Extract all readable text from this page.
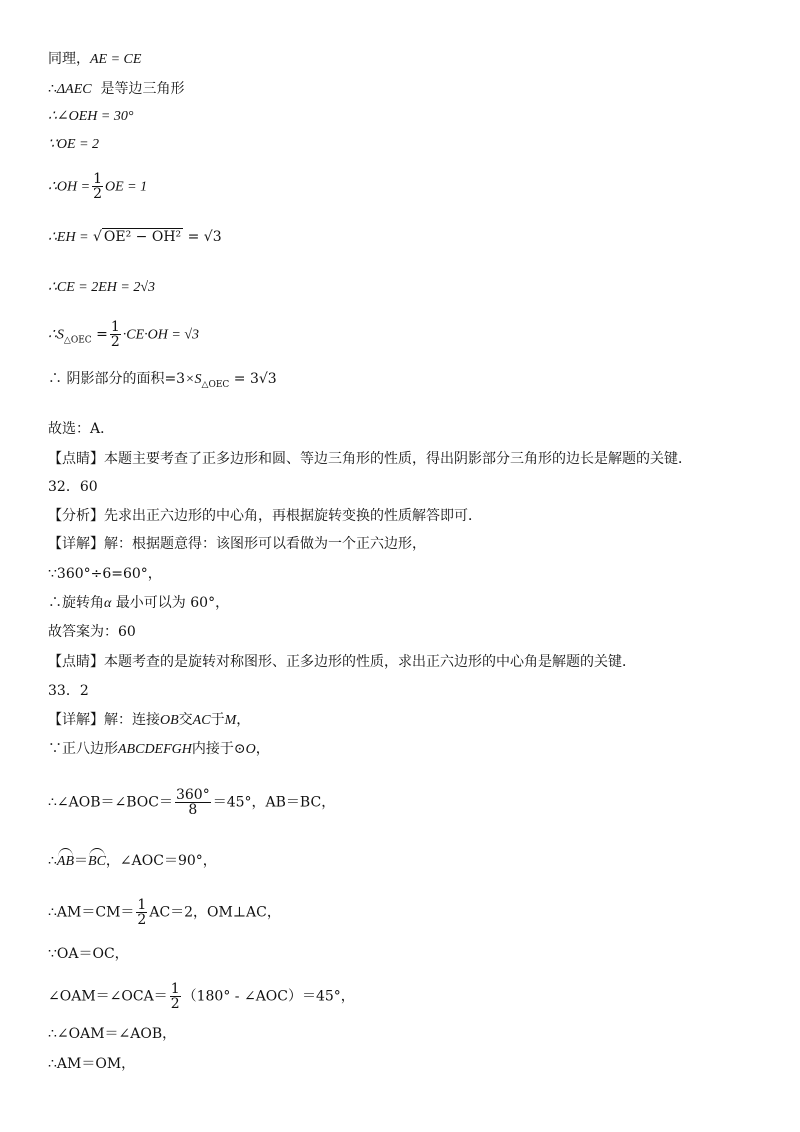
同理，AE = CE
∴ΔAEC 是等边三角形
∴∠OEH = 30°
∵OE = 2
∴OH = $\frac{1}{2}$ OE = 1
∴EH = √ OE² − OH² = √3
∴CE = 2EH = 2√3
$\therefore S_{\triangle OEC} = \frac{1}{2} \cdot CE\cdot OH = √3$
∴ 阴影部分的面积$=3\times S_{\triangle OEC} = 3√3$
故选：A．
【点睛】本题主要考查了正多边形和圆、等边三角形的性质，得出阴影部分三角形的边长是解题的关键．
32．60
【分析】先求出正六边形的中心角，再根据旋转变换的性质解答即可．
【详解】解：根据题意得：该图形可以看做为一个正六边形，
∵360°÷6=60°，
∴旋转角α 最小可以为 60°，
故答案为：60
【点睛】本题考查的是旋转对称图形、正多边形的性质，求出正六边形的中心角是解题的关键．
33．2
【详解】解：连接OB交AC于M，
∵正八边形ABCDEFGH内接于⊙O，
∴∠AOB＝∠BOC＝ $\frac{360^\circ}{8} =45^\circ$，AB＝BC，
∴AB＝BC，∠AOC＝90°，
∴AM＝CM＝ $\frac{1}{2} AC=2$，OM⊥AC，
∵OA＝OC，
∠OAM＝∠OCA＝ $\frac{1}{2} (180^\circ$ - ∠AOC）＝45°，
∴∠OAM＝∠AOB，
∴AM＝OM，
